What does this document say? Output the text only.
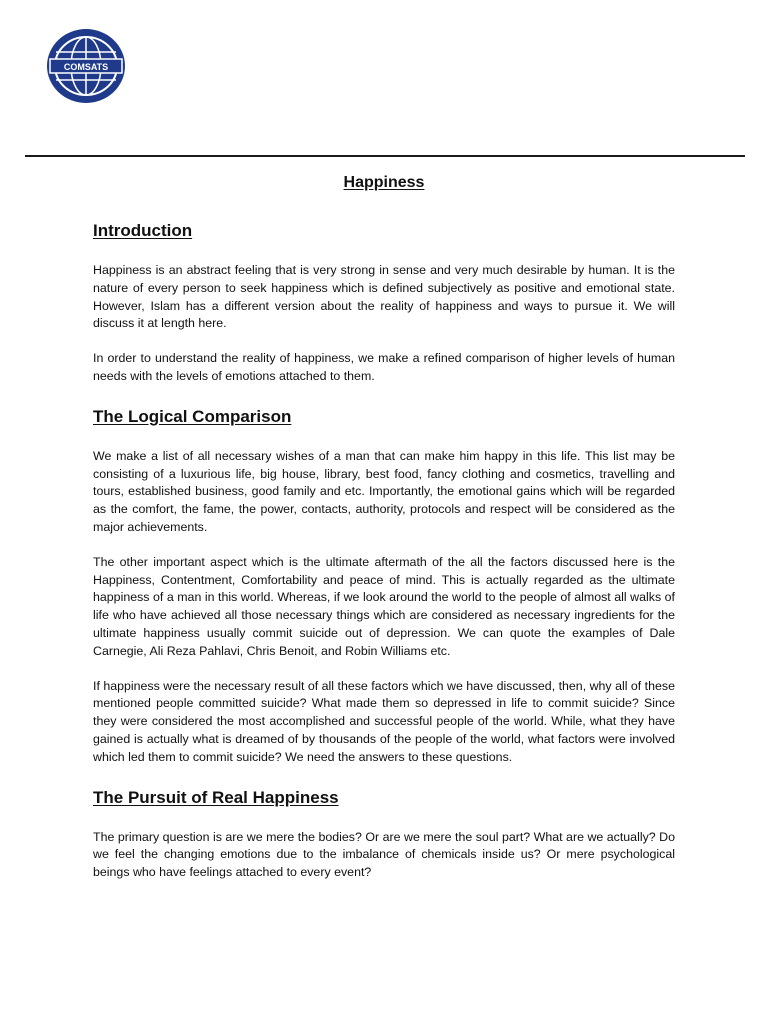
COMSATS
Happiness
Introduction

Happiness is an abstract feeling that is very strong in sense and very much desirable by human. It is the nature of every person to seek happiness which is defined subjectively as positive and emotional state. However, Islam has a different version about the reality of happiness and ways to pursue it. We will discuss it at length here.

In order to understand the reality of happiness, we make a refined comparison of higher levels of human needs with the levels of emotions attached to them.

The Logical Comparison

We make a list of all necessary wishes of a man that can make him happy in this life. This list may be consisting of a luxurious life, big house, library, best food, fancy clothing and cosmetics, travelling and tours, established business, good family and etc. Importantly, the emotional gains which will be regarded as the comfort, the fame, the power, contacts, authority, protocols and respect will be considered as the major achievements.

The other important aspect which is the ultimate aftermath of the all the factors discussed here is the Happiness, Contentment, Comfortability and peace of mind. This is actually regarded as the ultimate happiness of a man in this world. Whereas, if we look around the world to the people of almost all walks of life who have achieved all those necessary things which are considered as necessary ingredients for the ultimate happiness usually commit suicide out of depression. We can quote the examples of Dale Carnegie, Ali Reza Pahlavi, Chris Benoit, and Robin Williams etc.

If happiness were the necessary result of all these factors which we have discussed, then, why all of these mentioned people committed suicide? What made them so depressed in life to commit suicide? Since they were considered the most accomplished and successful people of the world. While, what they have gained is actually what is dreamed of by thousands of the people of the world, what factors were involved which led them to commit suicide? We need the answers to these questions.

The Pursuit of Real Happiness

The primary question is are we mere the bodies? Or are we mere the soul part? What are we actually? Do we feel the changing emotions due to the imbalance of chemicals inside us? Or mere psychological beings who have feelings attached to every event?
